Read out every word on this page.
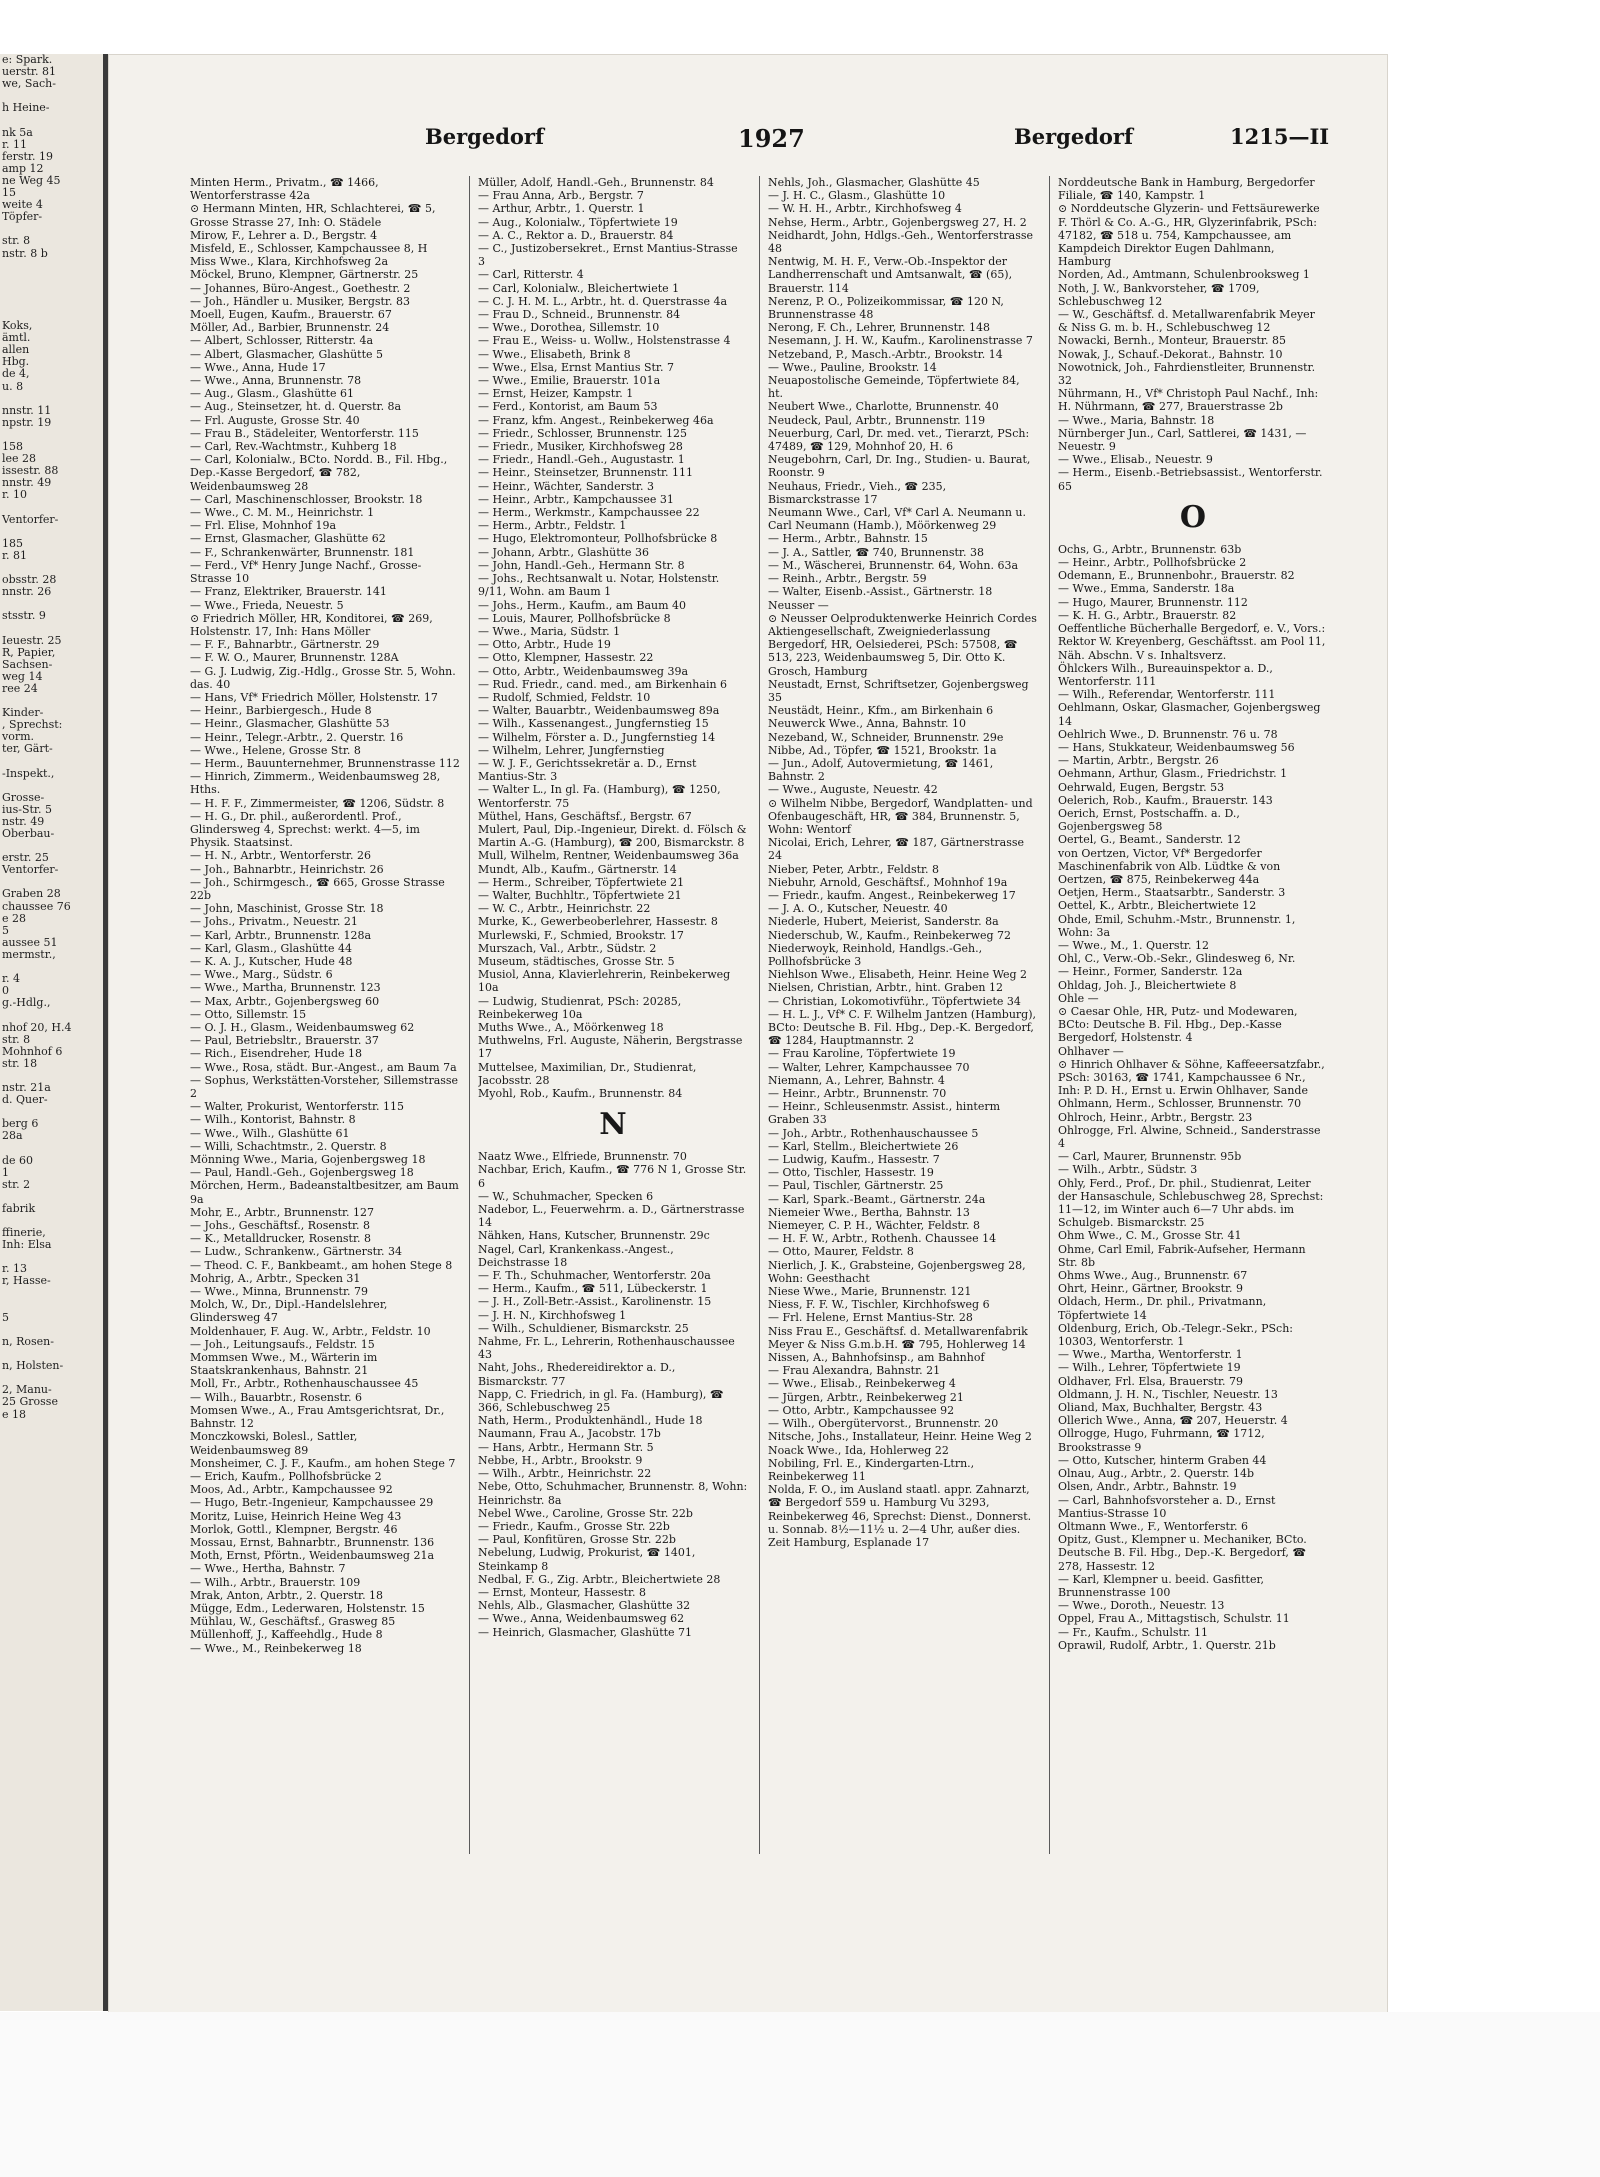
e: Spark.
uerstr. 81
we, Sach-

h Heine-

nk 5a
r. 11
ferstr. 19
amp 12
ne Weg 45
15
weite 4
Töpfer-

str. 8
nstr. 8 b

Koks,
ämtl.
allen
Hbg.
de 4,
u. 8

nnstr. 11
npstr. 19

158
lee 28
issestr. 88
nnstr. 49
r. 10

Ventorfer-

185
r. 81

obsstr. 28
nnstr. 26

stsstr. 9

Ieuestr. 25
R, Papier,
Sachsen-
weg 14
ree 24

Kinder-
, Sprechst:
vorm.
ter, Gärt-

-Inspekt.,

Grosse-
ius-Str. 5
nstr. 49
Oberbau-

erstr. 25
Ventorfer-

Graben 28
chaussee 76
e 28
5
aussee 51
mermstr.,

r. 4
0
g.-Hdlg.,

nhof 20, H.4
str. 8
Mohnhof 6
str. 18

nstr. 21a
d. Quer-

berg 6
28a

de 60
1
str. 2

fabrik

ffinerie,
Inh: Elsa

r. 13
r, Hasse-

5

n, Rosen-

n, Holsten-

2, Manu-
25 Grosse
e 18
Bergedorf	1927	Bergedorf	1215—II
Minten Herm., Privatm., ☎ 1466, Wentorferstrasse 42a
⊙ Hermann Minten, HR, Schlachterei, ☎ 5, Grosse Strasse 27, Inh: O. Städele
Mirow, F., Lehrer a. D., Bergstr. 4
Misfeld, E., Schlosser, Kampchaussee 8, H
Miss Wwe., Klara, Kirchhofsweg 2a
Möckel, Bruno, Klempner, Gärtnerstr. 25
— Johannes, Büro-Angest., Goethestr. 2
— Joh., Händler u. Musiker, Bergstr. 83
Moell, Eugen, Kaufm., Brauerstr. 67
Möller, Ad., Barbier, Brunnenstr. 24
— Albert, Schlosser, Ritterstr. 4a
— Albert, Glasmacher, Glashütte 5
— Wwe., Anna, Hude 17
— Wwe., Anna, Brunnenstr. 78
— Aug., Glasm., Glashütte 61
— Aug., Steinsetzer, ht. d. Querstr. 8a
— Frl. Auguste, Grosse Str. 40
— Frau B., Städeleiter, Wentorferstr. 115
— Carl, Rev.-Wachtmstr., Kuhberg 18
— Carl, Kolonialw., BCto. Nordd. B., Fil. Hbg., Dep.-Kasse Bergedorf, ☎ 782, Weidenbaumsweg 28
— Carl, Maschinenschlosser, Brookstr. 18
— Wwe., C. M. M., Heinrichstr. 1
— Frl. Elise, Mohnhof 19a
— Ernst, Glasmacher, Glashütte 62
— F., Schrankenwärter, Brunnenstr. 181
— Ferd., Vf* Henry Junge Nachf., Grosse-Strasse 10
— Franz, Elektriker, Brauerstr. 141
— Wwe., Frieda, Neuestr. 5
⊙ Friedrich Möller, HR, Konditorei, ☎ 269, Holstenstr. 17, Inh: Hans Möller
— F. F., Bahnarbtr., Gärtnerstr. 29
— F. W. O., Maurer, Brunnenstr. 128A
— G. J. Ludwig, Zig.-Hdlg., Grosse Str. 5, Wohn. das. 40
— Hans, Vf* Friedrich Möller, Holstenstr. 17
— Heinr., Barbiergesch., Hude 8
— Heinr., Glasmacher, Glashütte 53
— Heinr., Telegr.-Arbtr., 2. Querstr. 16
— Wwe., Helene, Grosse Str. 8
— Herm., Bauunternehmer, Brunnenstrasse 112
— Hinrich, Zimmerm., Weidenbaumsweg 28, Hths.
— H. F. F., Zimmermeister, ☎ 1206, Südstr. 8
— H. G., Dr. phil., außerordentl. Prof., Glindersweg 4, Sprechst: werkt. 4—5, im Physik. Staatsinst.
— H. N., Arbtr., Wentorferstr. 26
— Joh., Bahnarbtr., Heinrichstr. 26
— Joh., Schirmgesch., ☎ 665, Grosse Strasse 22b
— John, Maschinist, Grosse Str. 18
— Johs., Privatm., Neuestr. 21
— Karl, Arbtr., Brunnenstr. 128a
— Karl, Glasm., Glashütte 44
— K. A. J., Kutscher, Hude 48
— Wwe., Marg., Südstr. 6
— Wwe., Martha, Brunnenstr. 123
— Max, Arbtr., Gojenbergsweg 60
— Otto, Sillemstr. 15
— O. J. H., Glasm., Weidenbaumsweg 62
— Paul, Betriebsltr., Brauerstr. 37
— Rich., Eisendreher, Hude 18
— Wwe., Rosa, städt. Bur.-Angest., am Baum 7a
— Sophus, Werkstätten-Vorsteher, Sillemstrasse 2
— Walter, Prokurist, Wentorferstr. 115
— Wilh., Kontorist, Bahnstr. 8
— Wwe., Wilh., Glashütte 61
— Willi, Schachtmstr., 2. Querstr. 8
Mönning Wwe., Maria, Gojenbergsweg 18
— Paul, Handl.-Geh., Gojenbergsweg 18
Mörchen, Herm., Badeanstaltbesitzer, am Baum 9a
Mohr, E., Arbtr., Brunnenstr. 127
— Johs., Geschäftsf., Rosenstr. 8
— K., Metalldrucker, Rosenstr. 8
— Ludw., Schrankenw., Gärtnerstr. 34
— Theod. C. F., Bankbeamt., am hohen Stege 8
Mohrig, A., Arbtr., Specken 31
— Wwe., Minna, Brunnenstr. 79
Molch, W., Dr., Dipl.-Handelslehrer, Glindersweg 47
Moldenhauer, F. Aug. W., Arbtr., Feldstr. 10
— Joh., Leitungsaufs., Feldstr. 15
Mommsen Wwe., M., Wärterin im Staatskrankenhaus, Bahnstr. 21
Moll, Fr., Arbtr., Rothenhauschaussee 45
— Wilh., Bauarbtr., Rosenstr. 6
Momsen Wwe., A., Frau Amtsgerichtsrat, Dr., Bahnstr. 12
Monczkowski, Bolesl., Sattler, Weidenbaumsweg 89
Monsheimer, C. J. F., Kaufm., am hohen Stege 7
— Erich, Kaufm., Pollhofsbrücke 2
Moos, Ad., Arbtr., Kampchaussee 92
— Hugo, Betr.-Ingenieur, Kampchaussee 29
Moritz, Luise, Heinrich Heine Weg 43
Morlok, Gottl., Klempner, Bergstr. 46
Mossau, Ernst, Bahnarbtr., Brunnenstr. 136
Moth, Ernst, Pförtn., Weidenbaumsweg 21a
— Wwe., Hertha, Bahnstr. 7
— Wilh., Arbtr., Brauerstr. 109
Mrak, Anton, Arbtr., 2. Querstr. 18
Mügge, Edm., Lederwaren, Holstenstr. 15
Mühlau, W., Geschäftsf., Grasweg 85
Müllenhoff, J., Kaffeehdlg., Hude 8
— Wwe., M., Reinbekerweg 18
Müller, Adolf, Handl.-Geh., Brunnenstr. 84
— Frau Anna, Arb., Bergstr. 7
— Arthur, Arbtr., 1. Querstr. 1
— Aug., Kolonialw., Töpfertwiete 19
— A. C., Rektor a. D., Brauerstr. 84
— C., Justizobersekret., Ernst Mantius-Strasse 3
— Carl, Ritterstr. 4
— Carl, Kolonialw., Bleichertwiete 1
— C. J. H. M. L., Arbtr., ht. d. Querstrasse 4a
— Frau D., Schneid., Brunnenstr. 84
— Wwe., Dorothea, Sillemstr. 10
— Frau E., Weiss- u. Wollw., Holstenstrasse 4
— Wwe., Elisabeth, Brink 8
— Wwe., Elsa, Ernst Mantius Str. 7
— Wwe., Emilie, Brauerstr. 101a
— Ernst, Heizer, Kampstr. 1
— Ferd., Kontorist, am Baum 53
— Franz, kfm. Angest., Reinbekerweg 46a
— Friedr., Schlosser, Brunnenstr. 125
— Friedr., Musiker, Kirchhofsweg 28
— Friedr., Handl.-Geh., Augustastr. 1
— Heinr., Steinsetzer, Brunnenstr. 111
— Heinr., Wächter, Sanderstr. 3
— Heinr., Arbtr., Kampchaussee 31
— Herm., Werkmstr., Kampchaussee 22
— Herm., Arbtr., Feldstr. 1
— Hugo, Elektromonteur, Pollhofsbrücke 8
— Johann, Arbtr., Glashütte 36
— John, Handl.-Geh., Hermann Str. 8
— Johs., Rechtsanwalt u. Notar, Holstenstr. 9/11, Wohn. am Baum 1
— Johs., Herm., Kaufm., am Baum 40
— Louis, Maurer, Pollhofsbrücke 8
— Wwe., Maria, Südstr. 1
— Otto, Arbtr., Hude 19
— Otto, Klempner, Hassestr. 22
— Otto, Arbtr., Weidenbaumsweg 39a
— Rud. Friedr., cand. med., am Birkenhain 6
— Rudolf, Schmied, Feldstr. 10
— Walter, Bauarbtr., Weidenbaumsweg 89a
— Wilh., Kassenangest., Jungfernstieg 15
— Wilhelm, Förster a. D., Jungfernstieg 14
— Wilhelm, Lehrer, Jungfernstieg
— W. J. F., Gerichtssekretär a. D., Ernst Mantius-Str. 3
— Walter L., In gl. Fa. (Hamburg), ☎ 1250, Wentorferstr. 75
Müthel, Hans, Geschäftsf., Bergstr. 67
Mulert, Paul, Dip.-Ingenieur, Direkt. d. Fölsch & Martin A.-G. (Hamburg), ☎ 200, Bismarckstr. 8
Mull, Wilhelm, Rentner, Weidenbaumsweg 36a
Mundt, Alb., Kaufm., Gärtnerstr. 14
— Herm., Schreiber, Töpfertwiete 21
— Walter, Buchhltr., Töpfertwiete 21
— W. C., Arbtr., Heinrichstr. 22
Murke, K., Gewerbeoberlehrer, Hassestr. 8
Murlewski, F., Schmied, Brookstr. 17
Murszach, Val., Arbtr., Südstr. 2
Museum, städtisches, Grosse Str. 5
Musiol, Anna, Klavierlehrerin, Reinbekerweg 10a
— Ludwig, Studienrat, PSch: 20285, Reinbekerweg 10a
Muths Wwe., A., Möörkenweg 18
Muthwelns, Frl. Auguste, Näherin, Bergstrasse 17
Muttelsee, Maximilian, Dr., Studienrat, Jacobsstr. 28
Myohl, Rob., Kaufm., Brunnenstr. 84
N
Naatz Wwe., Elfriede, Brunnenstr. 70
Nachbar, Erich, Kaufm., ☎ 776 N 1, Grosse Str. 6
— W., Schuhmacher, Specken 6
Nadebor, L., Feuerwehrm. a. D., Gärtnerstrasse 14
Nähken, Hans, Kutscher, Brunnenstr. 29c
Nagel, Carl, Krankenkass.-Angest., Deichstrasse 18
— F. Th., Schuhmacher, Wentorferstr. 20a
— Herm., Kaufm., ☎ 511, Lübeckerstr. 1
— J. H., Zoll-Betr.-Assist., Karolinenstr. 15
— J. H. N., Kirchhofsweg 1
— Wilh., Schuldiener, Bismarckstr. 25
Nahme, Fr. L., Lehrerin, Rothenhauschaussee 43
Naht, Johs., Rhedereidirektor a. D., Bismarckstr. 77
Napp, C. Friedrich, in gl. Fa. (Hamburg), ☎ 366, Schlebuschweg 25
Nath, Herm., Produktenhändl., Hude 18
Naumann, Frau A., Jacobstr. 17b
— Hans, Arbtr., Hermann Str. 5
Nebbe, H., Arbtr., Brookstr. 9
— Wilh., Arbtr., Heinrichstr. 22
Nebe, Otto, Schuhmacher, Brunnenstr. 8, Wohn: Heinrichstr. 8a
Nebel Wwe., Caroline, Grosse Str. 22b
— Friedr., Kaufm., Grosse Str. 22b
— Paul, Konfitüren, Grosse Str. 22b
Nebelung, Ludwig, Prokurist, ☎ 1401, Steinkamp 8
Nedbal, F. G., Zig. Arbtr., Bleichertwiete 28
— Ernst, Monteur, Hassestr. 8
Nehls, Alb., Glasmacher, Glashütte 32
— Wwe., Anna, Weidenbaumsweg 62
— Heinrich, Glasmacher, Glashütte 71
Nehls, Joh., Glasmacher, Glashütte 45
— J. H. C., Glasm., Glashütte 10
— W. H. H., Arbtr., Kirchhofsweg 4
Nehse, Herm., Arbtr., Gojenbergsweg 27, H. 2
Neidhardt, John, Hdlgs.-Geh., Wentorferstrasse 48
Nentwig, M. H. F., Verw.-Ob.-Inspektor der Landherrenschaft und Amtsanwalt, ☎ (65), Brauerstr. 114
Nerenz, P. O., Polizeikommissar, ☎ 120 N, Brunnenstrasse 48
Nerong, F. Ch., Lehrer, Brunnenstr. 148
Nesemann, J. H. W., Kaufm., Karolinenstrasse 7
Netzeband, P., Masch.-Arbtr., Brookstr. 14
— Wwe., Pauline, Brookstr. 14
Neuapostolische Gemeinde, Töpfertwiete 84, ht.
Neubert Wwe., Charlotte, Brunnenstr. 40
Neudeck, Paul, Arbtr., Brunnenstr. 119
Neuerburg, Carl, Dr. med. vet., Tierarzt, PSch: 47489, ☎ 129, Mohnhof 20, H. 6
Neugebohrn, Carl, Dr. Ing., Studien- u. Baurat, Roonstr. 9
Neuhaus, Friedr., Vieh., ☎ 235, Bismarckstrasse 17
Neumann Wwe., Carl, Vf* Carl A. Neumann u. Carl Neumann (Hamb.), Möörkenweg 29
— Herm., Arbtr., Bahnstr. 15
— J. A., Sattler, ☎ 740, Brunnenstr. 38
— M., Wäscherei, Brunnenstr. 64, Wohn. 63a
— Reinh., Arbtr., Bergstr. 59
— Walter, Eisenb.-Assist., Gärtnerstr. 18
Neusser —
⊙ Neusser Oelproduktenwerke Heinrich Cordes Aktiengesellschaft, Zweigniederlassung Bergedorf, HR, Oelsiederei, PSch: 57508, ☎ 513, 223, Weidenbaumsweg 5, Dir. Otto K. Grosch, Hamburg
Neustadt, Ernst, Schriftsetzer, Gojenbergsweg 35
Neustädt, Heinr., Kfm., am Birkenhain 6
Neuwerck Wwe., Anna, Bahnstr. 10
Nezeband, W., Schneider, Brunnenstr. 29e
Nibbe, Ad., Töpfer, ☎ 1521, Brookstr. 1a
— Jun., Adolf, Autovermietung, ☎ 1461, Bahnstr. 2
— Wwe., Auguste, Neuestr. 42
⊙ Wilhelm Nibbe, Bergedorf, Wandplatten- und Ofenbaugeschäft, HR, ☎ 384, Brunnenstr. 5, Wohn: Wentorf
Nicolai, Erich, Lehrer, ☎ 187, Gärtnerstrasse 24
Nieber, Peter, Arbtr., Feldstr. 8
Niebuhr, Arnold, Geschäftsf., Mohnhof 19a
— Friedr., kaufm. Angest., Reinbekerweg 17
— J. A. O., Kutscher, Neuestr. 40
Niederle, Hubert, Meierist, Sanderstr. 8a
Niederschub, W., Kaufm., Reinbekerweg 72
Niederwoyk, Reinhold, Handlgs.-Geh., Pollhofsbrücke 3
Niehlson Wwe., Elisabeth, Heinr. Heine Weg 2
Nielsen, Christian, Arbtr., hint. Graben 12
— Christian, Lokomotivführ., Töpfertwiete 34
— H. L. J., Vf* C. F. Wilhelm Jantzen (Hamburg), BCto: Deutsche B. Fil. Hbg., Dep.-K. Bergedorf, ☎ 1284, Hauptmannstr. 2
— Frau Karoline, Töpfertwiete 19
— Walter, Lehrer, Kampchaussee 70
Niemann, A., Lehrer, Bahnstr. 4
— Heinr., Arbtr., Brunnenstr. 70
— Heinr., Schleusenmstr. Assist., hinterm Graben 33
— Joh., Arbtr., Rothenhauschaussee 5
— Karl, Stellm., Bleichertwiete 26
— Ludwig, Kaufm., Hassestr. 7
— Otto, Tischler, Hassestr. 19
— Paul, Tischler, Gärtnerstr. 25
— Karl, Spark.-Beamt., Gärtnerstr. 24a
Niemeier Wwe., Bertha, Bahnstr. 13
Niemeyer, C. P. H., Wächter, Feldstr. 8
— H. F. W., Arbtr., Rothenh. Chaussee 14
— Otto, Maurer, Feldstr. 8
Nierlich, J. K., Grabsteine, Gojenbergsweg 28, Wohn: Geesthacht
Niese Wwe., Marie, Brunnenstr. 121
Niess, F. F. W., Tischler, Kirchhofsweg 6
— Frl. Helene, Ernst Mantius-Str. 28
Niss Frau E., Geschäftsf. d. Metallwarenfabrik Meyer & Niss G.m.b.H. ☎ 795, Hohlerweg 14
Nissen, A., Bahnhofsinsp., am Bahnhof
— Frau Alexandra, Bahnstr. 21
— Wwe., Elisab., Reinbekerweg 4
— Jürgen, Arbtr., Reinbekerweg 21
— Otto, Arbtr., Kampchaussee 92
— Wilh., Obergütervorst., Brunnenstr. 20
Nitsche, Johs., Installateur, Heinr. Heine Weg 2
Noack Wwe., Ida, Hohlerweg 22
Nobiling, Frl. E., Kindergarten-Ltrn., Reinbekerweg 11
Nolda, F. O., im Ausland staatl. appr. Zahnarzt, ☎ Bergedorf 559 u. Hamburg Vu 3293, Reinbekerweg 46, Sprechst: Dienst., Donnerst. u. Sonnab. 8½—11½ u. 2—4 Uhr, außer dies. Zeit Hamburg, Esplanade 17
Norddeutsche Bank in Hamburg, Bergedorfer Filiale, ☎ 140, Kampstr. 1
⊙ Norddeutsche Glyzerin- und Fettsäurewerke F. Thörl & Co. A.-G., HR, Glyzerinfabrik, PSch: 47182, ☎ 518 u. 754, Kampchaussee, am Kampdeich Direktor Eugen Dahlmann, Hamburg
Norden, Ad., Amtmann, Schulenbrooksweg 1
Noth, J. W., Bankvorsteher, ☎ 1709, Schlebuschweg 12
— W., Geschäftsf. d. Metallwarenfabrik Meyer & Niss G. m. b. H., Schlebuschweg 12
Nowacki, Bernh., Monteur, Brauerstr. 85
Nowak, J., Schauf.-Dekorat., Bahnstr. 10
Nowotnick, Joh., Fahrdienstleiter, Brunnenstr. 32
Nührmann, H., Vf* Christoph Paul Nachf., Inh: H. Nührmann, ☎ 277, Brauerstrasse 2b
— Wwe., Maria, Bahnstr. 18
Nürnberger Jun., Carl, Sattlerei, ☎ 1431, — Neuestr. 9
— Wwe., Elisab., Neuestr. 9
— Herm., Eisenb.-Betriebsassist., Wentorferstr. 65
O
Ochs, G., Arbtr., Brunnenstr. 63b
— Heinr., Arbtr., Pollhofsbrücke 2
Odemann, E., Brunnenbohr., Brauerstr. 82
— Wwe., Emma, Sanderstr. 18a
— Hugo, Maurer, Brunnenstr. 112
— K. H. G., Arbtr., Brauerstr. 82
Oeffentliche Bücherhalle Bergedorf, e. V., Vors.: Rektor W. Kreyenberg, Geschäftsst. am Pool 11, Näh. Abschn. V s. Inhaltsverz.
Öhlckers Wilh., Bureauinspektor a. D., Wentorferstr. 111
— Wilh., Referendar, Wentorferstr. 111
Oehlmann, Oskar, Glasmacher, Gojenbergsweg 14
Oehlrich Wwe., D. Brunnenstr. 76 u. 78
— Hans, Stukkateur, Weidenbaumsweg 56
— Martin, Arbtr., Bergstr. 26
Oehmann, Arthur, Glasm., Friedrichstr. 1
Oehrwald, Eugen, Bergstr. 53
Oelerich, Rob., Kaufm., Brauerstr. 143
Oerich, Ernst, Postschaffn. a. D., Gojenbergsweg 58
Oertel, G., Beamt., Sanderstr. 12
von Oertzen, Victor, Vf* Bergedorfer Maschinenfabrik von Alb. Lüdtke & von Oertzen, ☎ 875, Reinbekerweg 44a
Oetjen, Herm., Staatsarbtr., Sanderstr. 3
Oettel, K., Arbtr., Bleichertwiete 12
Ohde, Emil, Schuhm.-Mstr., Brunnenstr. 1, Wohn: 3a
— Wwe., M., 1. Querstr. 12
Ohl, C., Verw.-Ob.-Sekr., Glindesweg 6, Nr.
— Heinr., Former, Sanderstr. 12a
Ohldag, Joh. J., Bleichertwiete 8
Ohle —
⊙ Caesar Ohle, HR, Putz- und Modewaren, BCto: Deutsche B. Fil. Hbg., Dep.-Kasse Bergedorf, Holstenstr. 4
Ohlhaver —
⊙ Hinrich Ohlhaver & Söhne, Kaffeeersatzfabr., PSch: 30163, ☎ 1741, Kampchaussee 6 Nr., Inh: P. D. H., Ernst u. Erwin Ohlhaver, Sande
Ohlmann, Herm., Schlosser, Brunnenstr. 70
Ohlroch, Heinr., Arbtr., Bergstr. 23
Ohlrogge, Frl. Alwine, Schneid., Sanderstrasse 4
— Carl, Maurer, Brunnenstr. 95b
— Wilh., Arbtr., Südstr. 3
Ohly, Ferd., Prof., Dr. phil., Studienrat, Leiter der Hansaschule, Schlebuschweg 28, Sprechst: 11—12, im Winter auch 6—7 Uhr abds. im Schulgeb. Bismarckstr. 25
Ohm Wwe., C. M., Grosse Str. 41
Ohme, Carl Emil, Fabrik-Aufseher, Hermann Str. 8b
Ohms Wwe., Aug., Brunnenstr. 67
Ohrt, Heinr., Gärtner, Brookstr. 9
Oldach, Herm., Dr. phil., Privatmann, Töpfertwiete 14
Oldenburg, Erich, Ob.-Telegr.-Sekr., PSch: 10303, Wentorferstr. 1
— Wwe., Martha, Wentorferstr. 1
— Wilh., Lehrer, Töpfertwiete 19
Oldhaver, Frl. Elsa, Brauerstr. 79
Oldmann, J. H. N., Tischler, Neuestr. 13
Oliand, Max, Buchhalter, Bergstr. 43
Ollerich Wwe., Anna, ☎ 207, Heuerstr. 4
Ollrogge, Hugo, Fuhrmann, ☎ 1712, Brookstrasse 9
— Otto, Kutscher, hinterm Graben 44
Olnau, Aug., Arbtr., 2. Querstr. 14b
Olsen, Andr., Arbtr., Bahnstr. 19
— Carl, Bahnhofsvorsteher a. D., Ernst Mantius-Strasse 10
Oltmann Wwe., F., Wentorferstr. 6
Opitz, Gust., Klempner u. Mechaniker, BCto. Deutsche B. Fil. Hbg., Dep.-K. Bergedorf, ☎ 278, Hassestr. 12
— Karl, Klempner u. beeid. Gasfitter, Brunnenstrasse 100
— Wwe., Doroth., Neuestr. 13
Oppel, Frau A., Mittagstisch, Schulstr. 11
— Fr., Kaufm., Schulstr. 11
Oprawil, Rudolf, Arbtr., 1. Querstr. 21b
